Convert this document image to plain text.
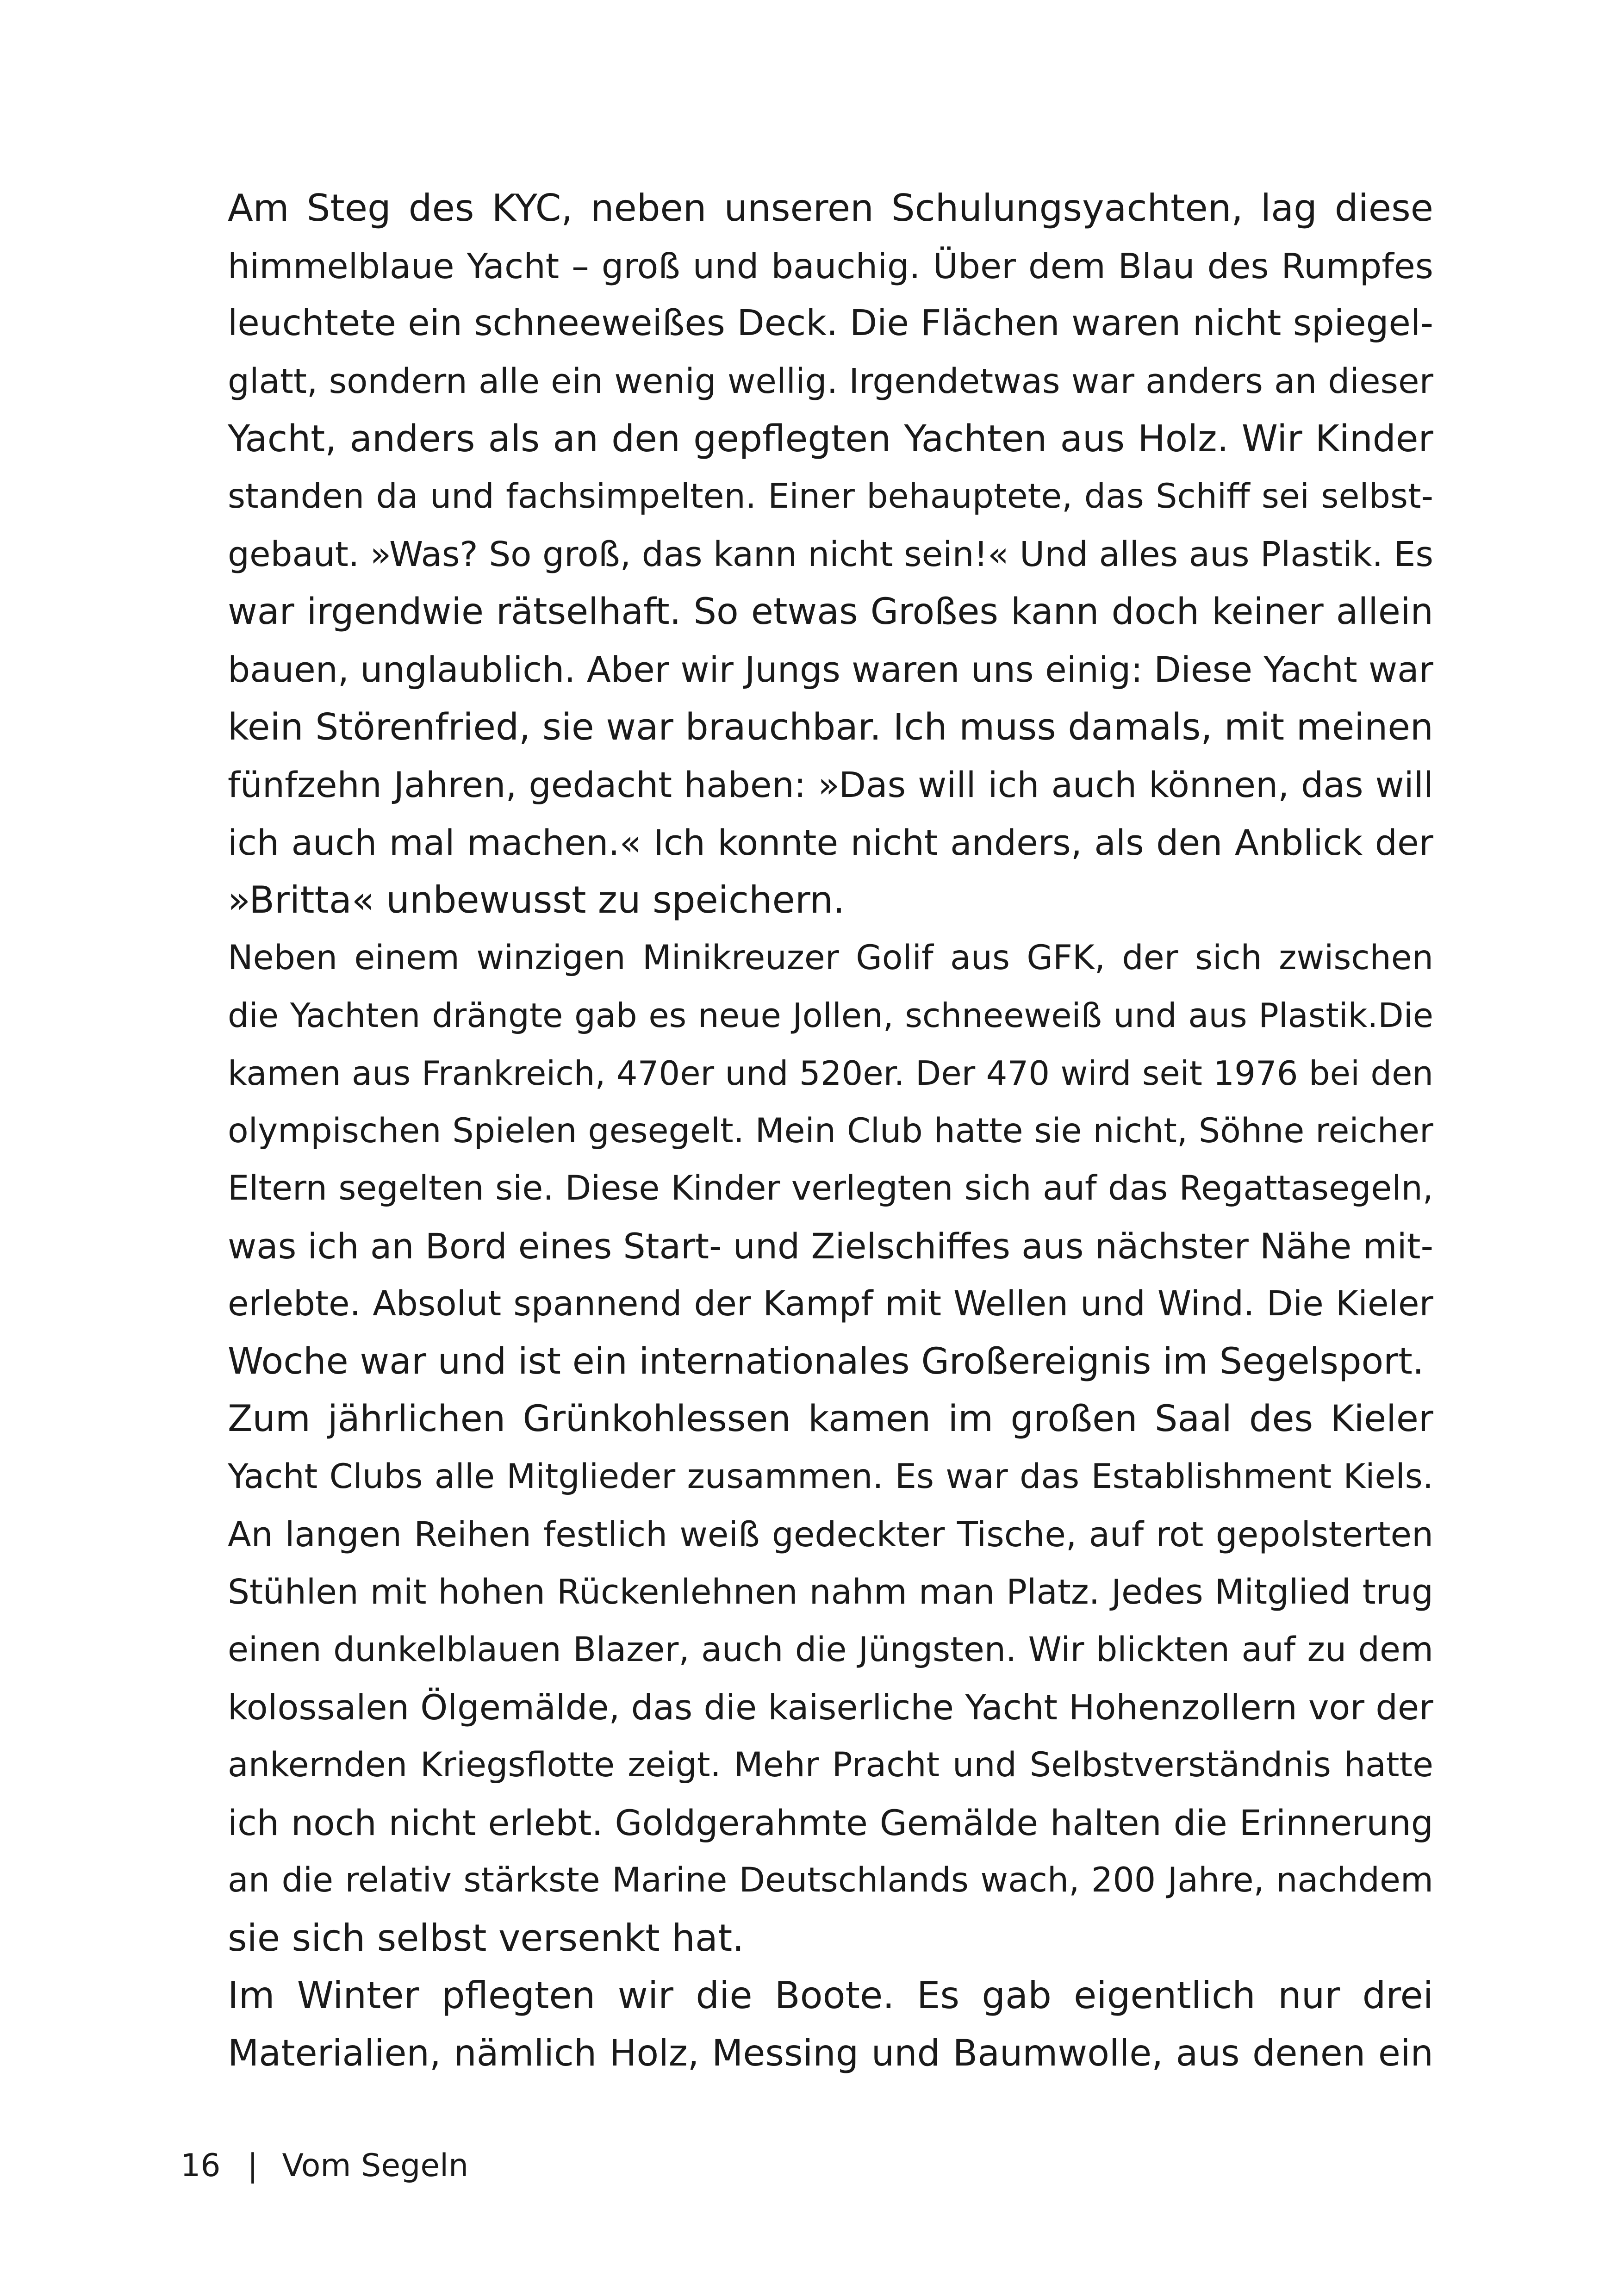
Am Steg des KYC, neben unseren Schulungsyachten, lag diese
himmelblaue Yacht – groß und bauchig. Über dem Blau des Rumpfes
leuchtete ein schneeweißes Deck. Die Flächen waren nicht spiegel-
glatt, sondern alle ein wenig wellig. Irgendetwas war anders an dieser
Yacht, anders als an den gepflegten Yachten aus Holz. Wir Kinder
standen da und fachsimpelten. Einer behauptete, das Schiff sei selbst-
gebaut. »Was? So groß, das kann nicht sein!« Und alles aus Plastik. Es
war irgendwie rätselhaft. So etwas Großes kann doch keiner allein
bauen, unglaublich. Aber wir Jungs waren uns einig: Diese Yacht war
kein Störenfried, sie war brauchbar. Ich muss damals, mit meinen
fünfzehn Jahren, gedacht haben: »Das will ich auch können, das will
ich auch mal machen.« Ich konnte nicht anders, als den Anblick der
»Britta« unbewusst zu speichern.
Neben einem winzigen Minikreuzer Golif aus GFK, der sich zwischen
die Yachten drängte gab es neue Jollen, schneeweiß und aus Plastik.Die
kamen aus Frankreich, 470er und 520er. Der 470 wird seit 1976 bei den
olympischen Spielen gesegelt. Mein Club hatte sie nicht, Söhne reicher
Eltern segelten sie. Diese Kinder verlegten sich auf das Regattasegeln,
was ich an Bord eines Start- und Zielschiffes aus nächster Nähe mit-
erlebte. Absolut spannend der Kampf mit Wellen und Wind. Die Kieler
Woche war und ist ein internationales Großereignis im Segelsport.
Zum jährlichen Grünkohlessen kamen im großen Saal des Kieler
Yacht Clubs alle Mitglieder zusammen. Es war das Establishment Kiels.
An langen Reihen festlich weiß gedeckter Tische, auf rot gepolsterten
Stühlen mit hohen Rückenlehnen nahm man Platz. Jedes Mitglied trug
einen dunkelblauen Blazer, auch die Jüngsten. Wir blickten auf zu dem
kolossalen Ölgemälde, das die kaiserliche Yacht Hohenzollern vor der
ankernden Kriegsflotte zeigt. Mehr Pracht und Selbstverständnis hatte
ich noch nicht erlebt. Goldgerahmte Gemälde halten die Erinnerung
an die relativ stärkste Marine Deutschlands wach, 200 Jahre, nachdem
sie sich selbst versenkt hat.
Im Winter pflegten wir die Boote. Es gab eigentlich nur drei
Materialien, nämlich Holz, Messing und Baumwolle, aus denen ein
16 | Vom Segeln
